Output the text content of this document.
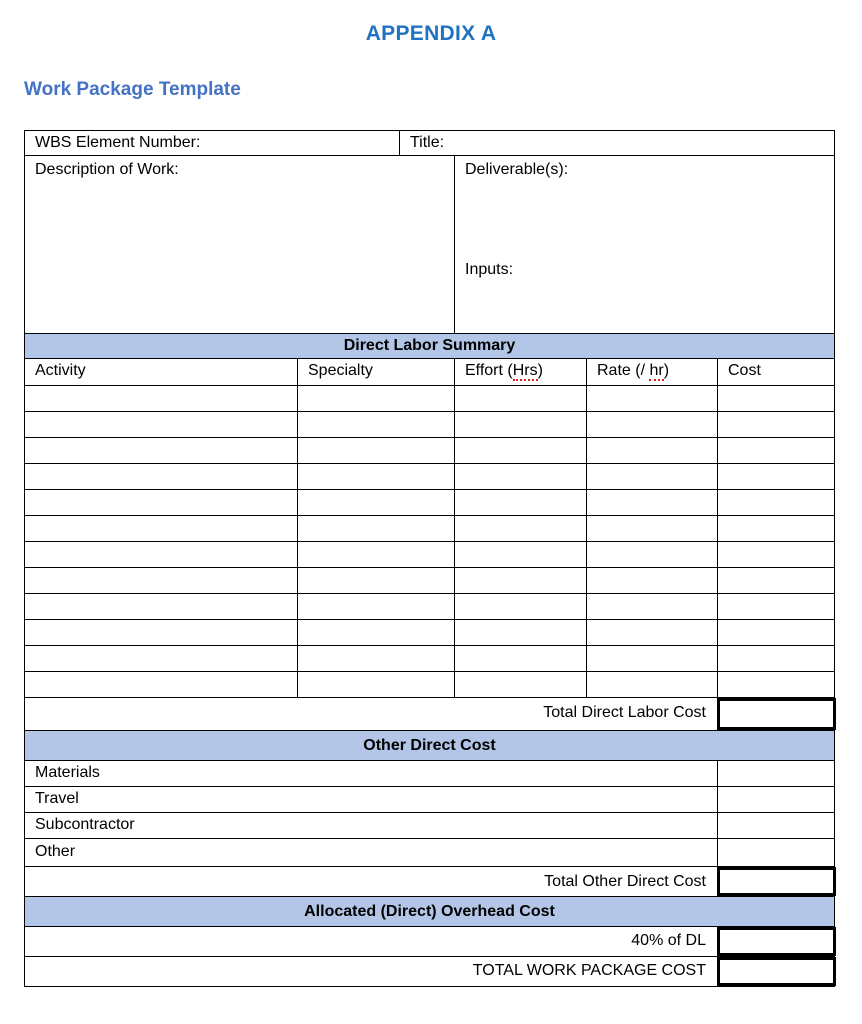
APPENDIX A
Work Package Template
WBS Element Number:	Title:
Description of Work:	Deliverable(s):
Inputs:
Direct Labor Summary
Activity	Specialty	Effort (Hrs)	Rate (/ hr)	Cost
Total Direct Labor Cost
Other Direct Cost
Materials
Travel
Subcontractor
Other
Total Other Direct Cost
Allocated (Direct) Overhead Cost
40% of DL
TOTAL WORK PACKAGE COST
